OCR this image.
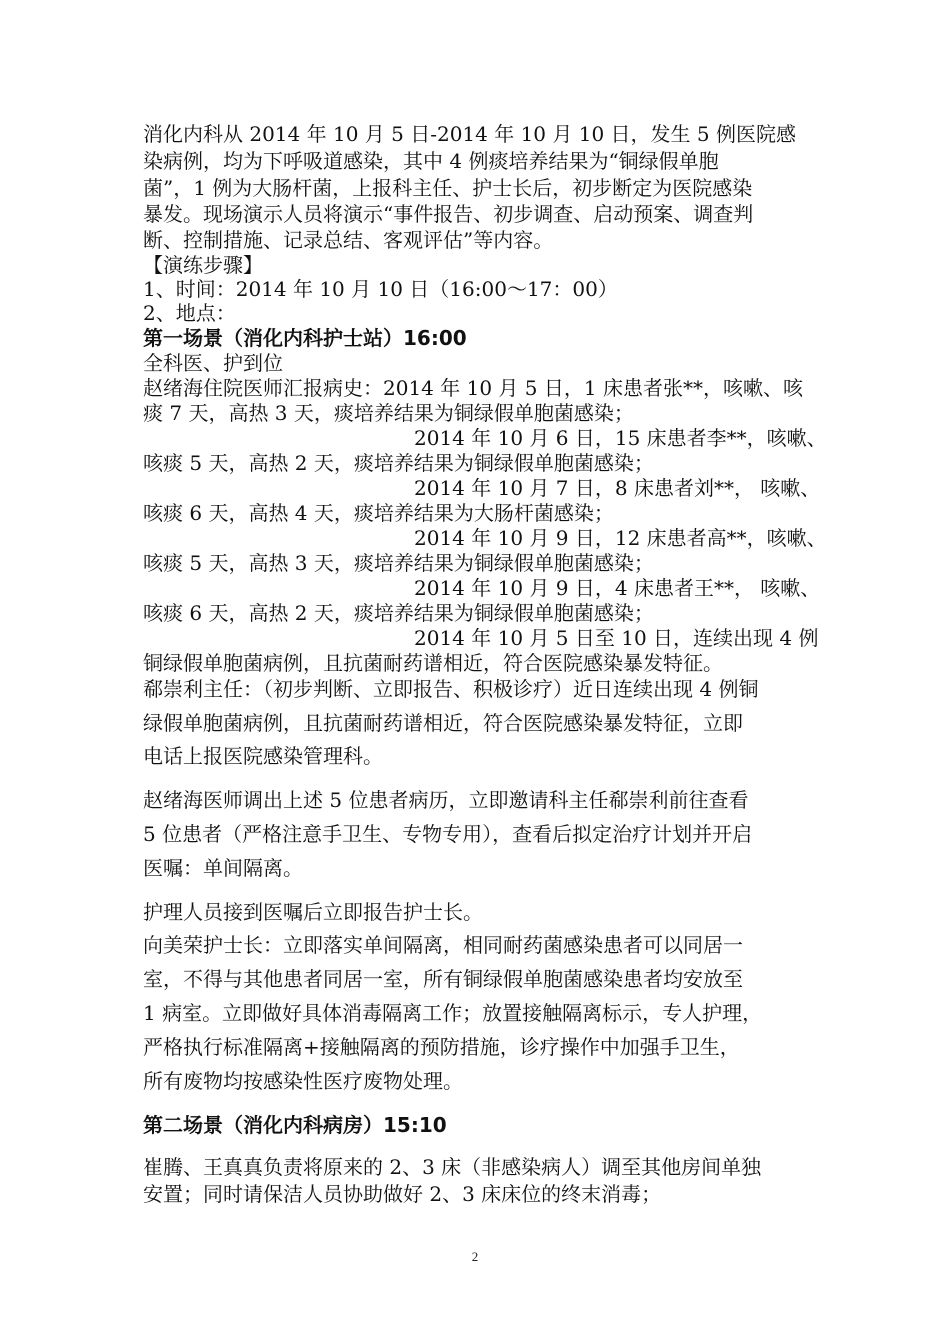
消化内科从 2014 年 10 月 5 日-2014 年 10 月 10 日，发生 5 例医院感
染病例，均为下呼吸道感染，其中 4 例痰培养结果为“铜绿假单胞
菌”，1 例为大肠杆菌，上报科主任、护士长后，初步断定为医院感染
暴发。现场演示人员将演示“事件报告、初步调查、启动预案、调查判
断、控制措施、记录总结、客观评估”等内容。
【演练步骤】
1、时间：2014 年 10 月 10 日（16:00～17：00）
2、地点：
第一场景（消化内科护士站）16:00
全科医、护到位
赵绪海住院医师汇报病史：2014 年 10 月 5 日，1 床患者张**，咳嗽、咳
痰 7 天，高热 3 天，痰培养结果为铜绿假单胞菌感染；
2014 年 10 月 6 日，15 床患者李**，咳嗽、
咳痰 5 天，高热 2 天，痰培养结果为铜绿假单胞菌感染；
2014 年 10 月 7 日，8 床患者刘**， 咳嗽、
咳痰 6 天，高热 4 天，痰培养结果为大肠杆菌感染；
2014 年 10 月 9 日，12 床患者高**，咳嗽、
咳痰 5 天，高热 3 天，痰培养结果为铜绿假单胞菌感染；
2014 年 10 月 9 日，4 床患者王**， 咳嗽、
咳痰 6 天，高热 2 天，痰培养结果为铜绿假单胞菌感染；
2014 年 10 月 5 日至 10 日，连续出现 4 例
铜绿假单胞菌病例，且抗菌耐药谱相近，符合医院感染暴发特征。
郗崇利主任：（初步判断、立即报告、积极诊疗）近日连续出现 4 例铜
绿假单胞菌病例，且抗菌耐药谱相近，符合医院感染暴发特征，立即
电话上报医院感染管理科。
赵绪海医师调出上述 5 位患者病历，立即邀请科主任郗崇利前往查看
5 位患者（严格注意手卫生、专物专用），查看后拟定治疗计划并开启
医嘱：单间隔离。
护理人员接到医嘱后立即报告护士长。
向美荣护士长：立即落实单间隔离，相同耐药菌感染患者可以同居一
室，不得与其他患者同居一室，所有铜绿假单胞菌感染患者均安放至
1 病室。立即做好具体消毒隔离工作；放置接触隔离标示，专人护理，
严格执行标准隔离+接触隔离的预防措施，诊疗操作中加强手卫生，
所有废物均按感染性医疗废物处理。
第二场景（消化内科病房）15:10
崔腾、王真真负责将原来的 2、3 床（非感染病人）调至其他房间单独
安置；同时请保洁人员协助做好 2、3 床床位的终末消毒；
2
